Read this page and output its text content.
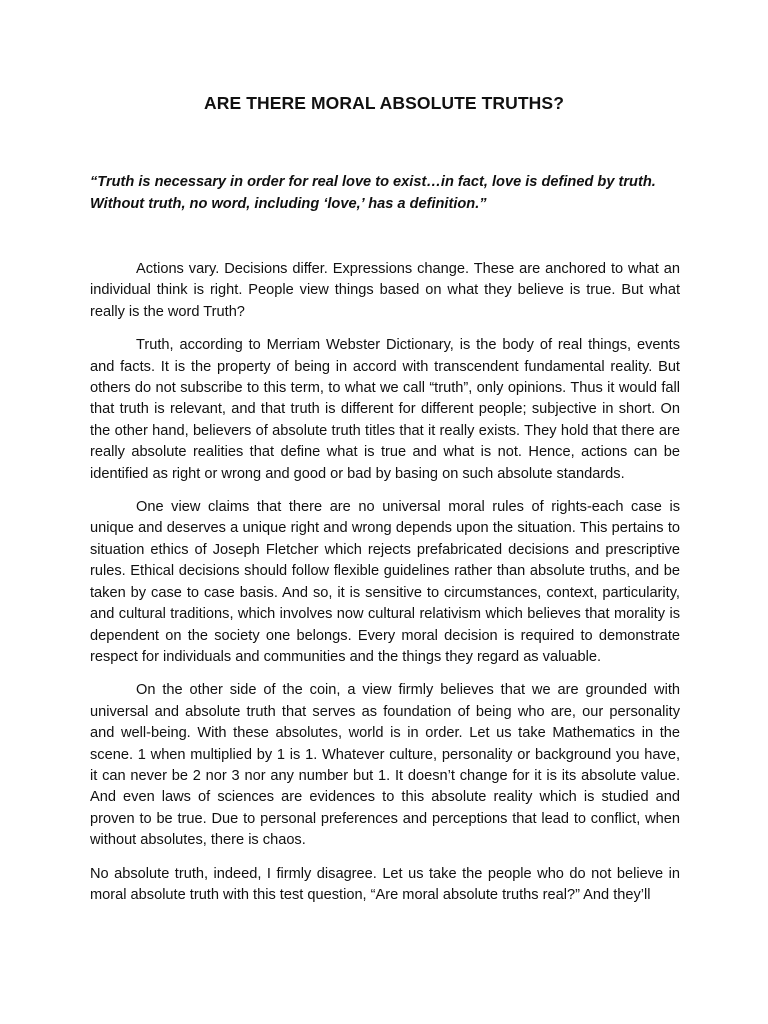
ARE THERE MORAL ABSOLUTE TRUTHS?

“Truth is necessary in order for real love to exist…in fact, love is defined by truth. Without truth, no word, including ‘love,’ has a definition.”

Actions vary. Decisions differ. Expressions change. These are anchored to what an individual think is right. People view things based on what they believe is true. But what really is the word Truth?

Truth, according to Merriam Webster Dictionary, is the body of real things, events and facts. It is the property of being in accord with transcendent fundamental reality. But others do not subscribe to this term, to what we call “truth”, only opinions. Thus it would fall that truth is relevant, and that truth is different for different people; subjective in short. On the other hand, believers of absolute truth titles that it really exists. They hold that there are really absolute realities that define what is true and what is not. Hence, actions can be identified as right or wrong and good or bad by basing on such absolute standards.

One view claims that there are no universal moral rules of rights-each case is unique and deserves a unique right and wrong depends upon the situation. This pertains to situation ethics of Joseph Fletcher which rejects prefabricated decisions and prescriptive rules. Ethical decisions should follow flexible guidelines rather than absolute truths, and be taken by case to case basis. And so, it is sensitive to circumstances, context, particularity, and cultural traditions, which involves now cultural relativism which believes that morality is dependent on the society one belongs. Every moral decision is required to demonstrate respect for individuals and communities and the things they regard as valuable.

On the other side of the coin, a view firmly believes that we are grounded with universal and absolute truth that serves as foundation of being who are, our personality and well-being. With these absolutes, world is in order. Let us take Mathematics in the scene. 1 when multiplied by 1 is 1. Whatever culture, personality or background you have, it can never be 2 nor 3 nor any number but 1. It doesn’t change for it is its absolute value. And even laws of sciences are evidences to this absolute reality which is studied and proven to be true. Due to personal preferences and perceptions that lead to conflict, when without absolutes, there is chaos.

No absolute truth, indeed, I firmly disagree. Let us take the people who do not believe in moral absolute truth with this test question, “Are moral absolute truths real?” And they’ll
